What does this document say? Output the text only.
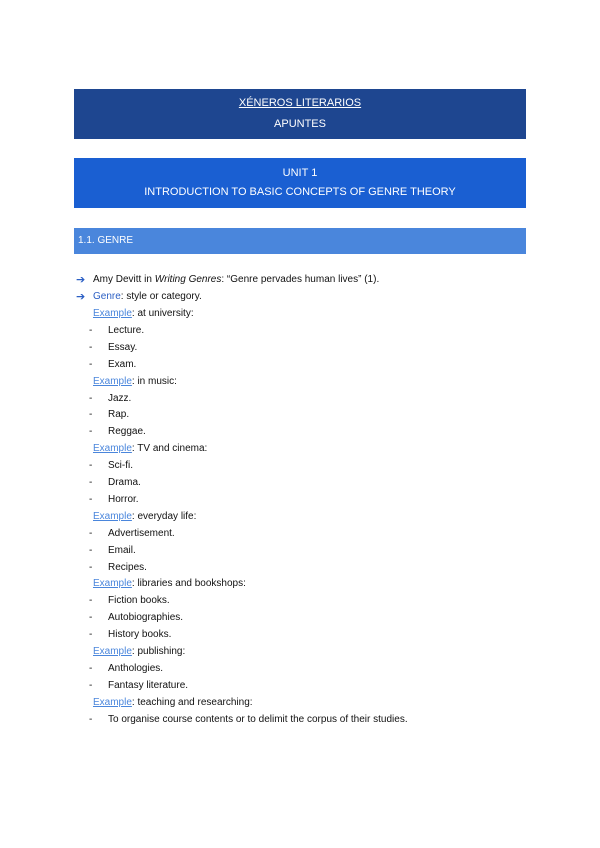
XÉNEROS LITERARIOS
APUNTES
UNIT 1
INTRODUCTION TO BASIC CONCEPTS OF GENRE THEORY
1.1. GENRE
➔ Amy Devitt in Writing Genres: “Genre pervades human lives” (1).
➔ Genre: style or category.
Example: at university:
- Lecture.
- Essay.
- Exam.
Example: in music:
- Jazz.
- Rap.
- Reggae.
Example: TV and cinema:
- Sci-fi.
- Drama.
- Horror.
Example: everyday life:
- Advertisement.
- Email.
- Recipes.
Example: libraries and bookshops:
- Fiction books.
- Autobiographies.
- History books.
Example: publishing:
- Anthologies.
- Fantasy literature.
Example: teaching and researching:
- To organise course contents or to delimit the corpus of their studies.
